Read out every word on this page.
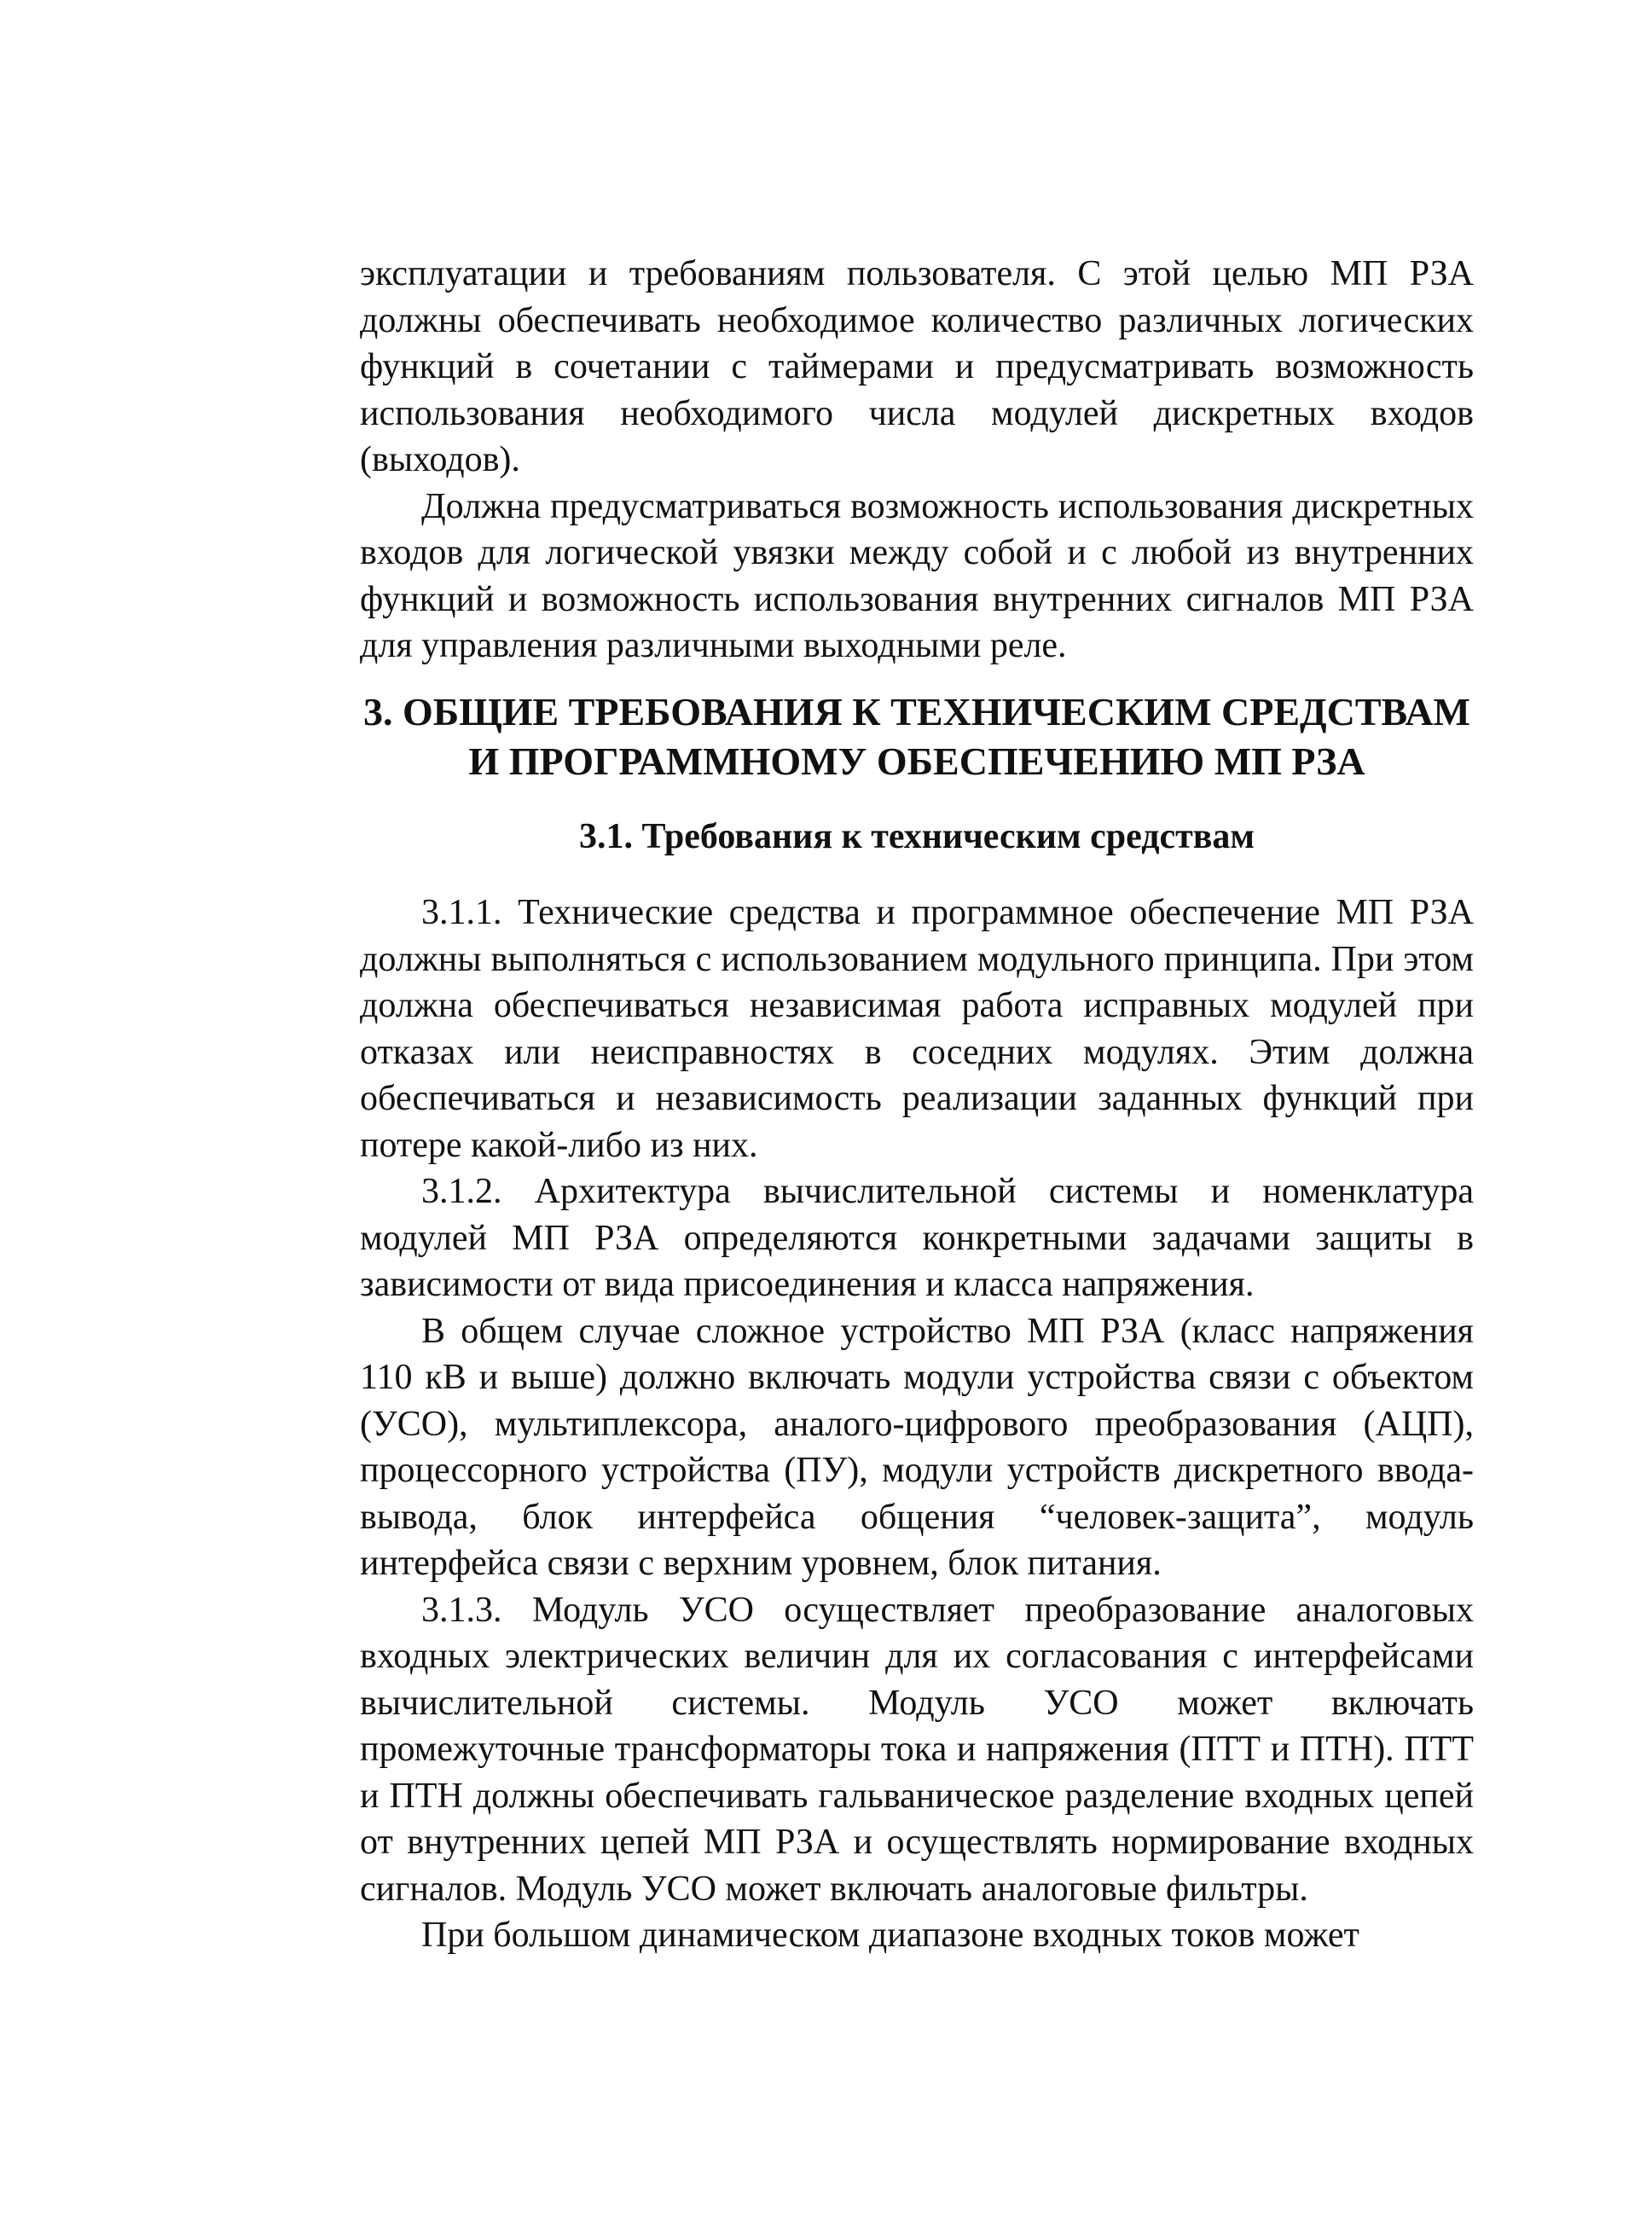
эксплуатации и требованиям пользователя. С этой целью МП РЗА должны обеспечивать необходимое количество различных логических функций в сочетании с таймерами и предусматривать возможность использования необходимого числа модулей дискретных входов (выходов).

Должна предусматриваться возможность использования дискретных входов для логической увязки между собой и с любой из внутренних функций и возможность использования внутренних сигналов МП РЗА для управления различными выходными реле.

3. ОБЩИЕ ТРЕБОВАНИЯ К ТЕХНИЧЕСКИМ СРЕДСТВАМ
И ПРОГРАММНОМУ ОБЕСПЕЧЕНИЮ МП РЗА
3.1. Требования к техническим средствам

3.1.1. Технические средства и программное обеспечение МП РЗА должны выполняться с использованием модульного принципа. При этом должна обеспечиваться независимая работа исправных модулей при отказах или неисправностях в соседних модулях. Этим должна обеспечиваться и независимость реализации заданных функций при потере какой-либо из них.

3.1.2. Архитектура вычислительной системы и номенклатура модулей МП РЗА определяются конкретными задачами защиты в зависимости от вида присоединения и класса напряжения.

В общем случае сложное устройство МП РЗА (класс напряжения 110 кВ и выше) должно включать модули устройства связи с объектом (УСО), мультиплексора, аналого-цифрового преобразования (АЦП), процессорного устройства (ПУ), модули устройств дискретного ввода-вывода, блок интерфейса общения “человек-защита”, модуль интерфейса связи с верхним уровнем, блок питания.

3.1.3. Модуль УСО осуществляет преобразование аналоговых входных электрических величин для их согласования с интерфейсами вычислительной системы. Модуль УСО может включать промежуточные трансформаторы тока и напряжения (ПТТ и ПТН). ПТТ и ПТН должны обеспечивать гальваническое разделение входных цепей от внутренних цепей МП РЗА и осуществлять нормирование входных сигналов. Модуль УСО может включать аналоговые фильтры.

При большом динамическом диапазоне входных токов может
